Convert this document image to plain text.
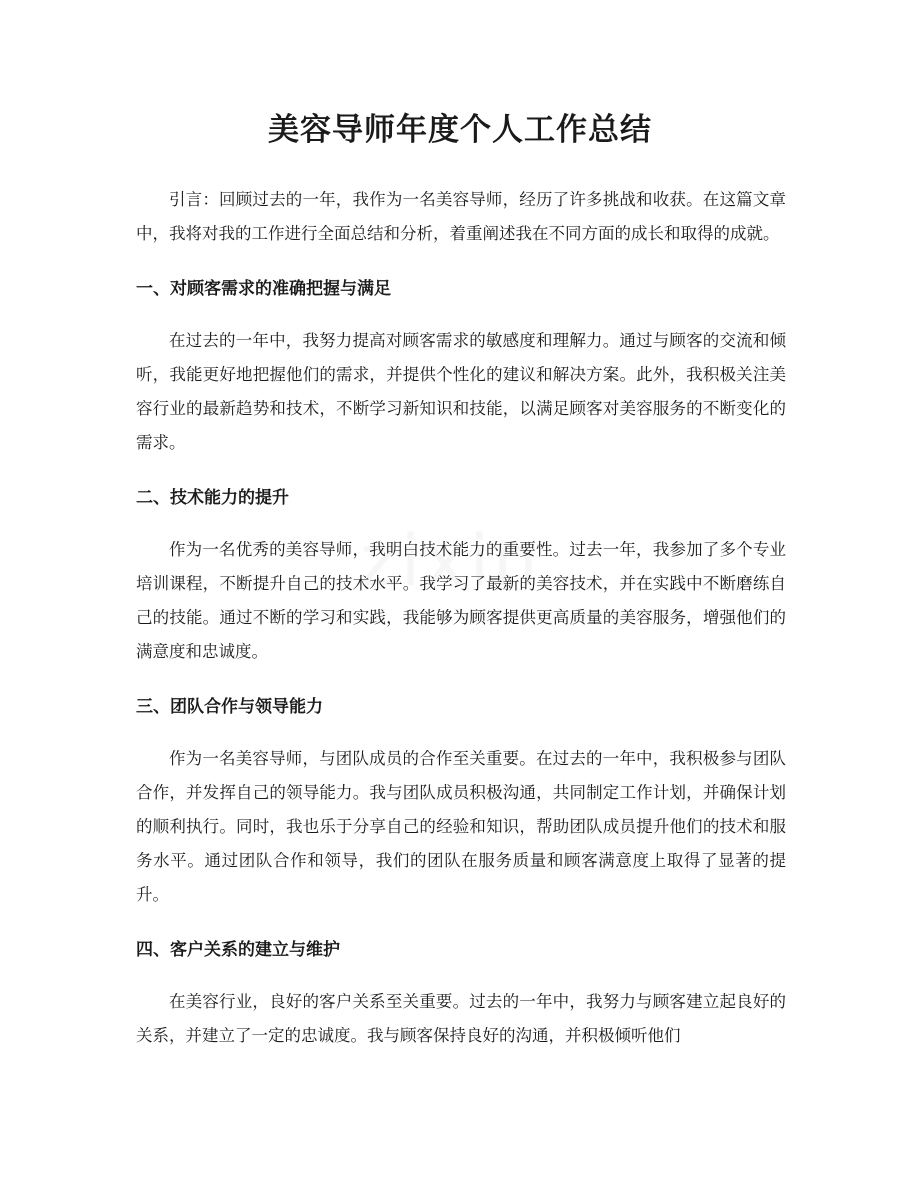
美容导师年度个人工作总结

引言：回顾过去的一年，我作为一名美容导师，经历了许多挑战和收获。在这篇文章中，我将对我的工作进行全面总结和分析，着重阐述我在不同方面的成长和取得的成就。

一、对顾客需求的准确把握与满足

在过去的一年中，我努力提高对顾客需求的敏感度和理解力。通过与顾客的交流和倾听，我能更好地把握他们的需求，并提供个性化的建议和解决方案。此外，我积极关注美容行业的最新趋势和技术，不断学习新知识和技能，以满足顾客对美容服务的不断变化的需求。

二、技术能力的提升

作为一名优秀的美容导师，我明白技术能力的重要性。过去一年，我参加了多个专业培训课程，不断提升自己的技术水平。我学习了最新的美容技术，并在实践中不断磨练自己的技能。通过不断的学习和实践，我能够为顾客提供更高质量的美容服务，增强他们的满意度和忠诚度。

三、团队合作与领导能力

作为一名美容导师，与团队成员的合作至关重要。在过去的一年中，我积极参与团队合作，并发挥自己的领导能力。我与团队成员积极沟通，共同制定工作计划，并确保计划的顺利执行。同时，我也乐于分享自己的经验和知识，帮助团队成员提升他们的技术和服务水平。通过团队合作和领导，我们的团队在服务质量和顾客满意度上取得了显著的提升。

四、客户关系的建立与维护

在美容行业，良好的客户关系至关重要。过去的一年中，我努力与顾客建立起良好的关系，并建立了一定的忠诚度。我与顾客保持良好的沟通，并积极倾听他们
